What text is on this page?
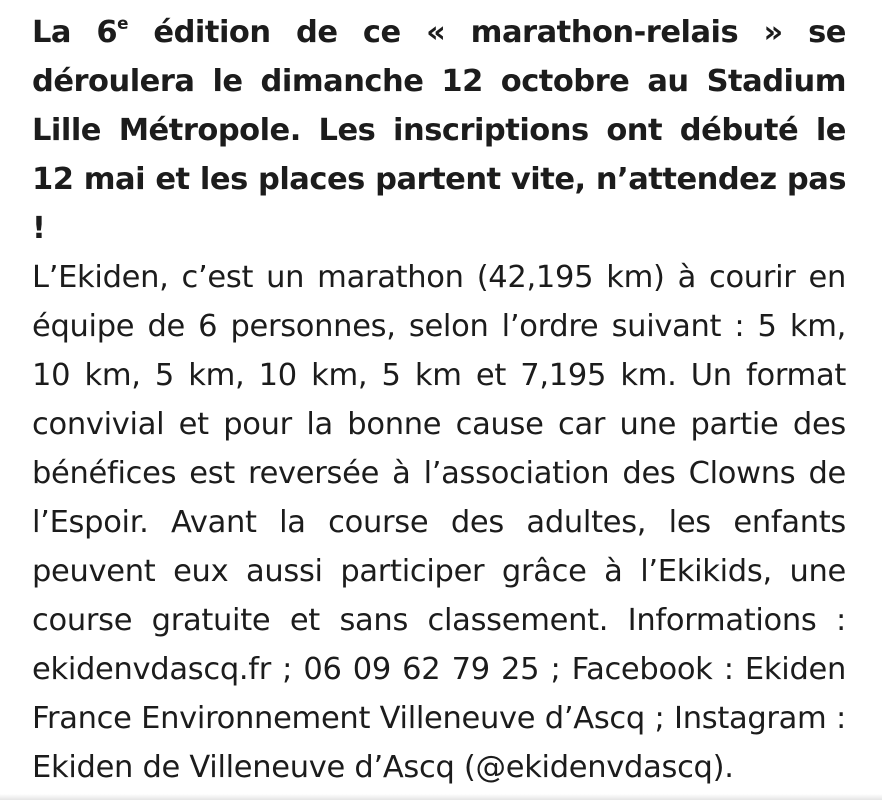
La 6e édition de ce « marathon-relais » se déroulera le dimanche 12 octobre au Stadium Lille Métropole. Les inscriptions ont débuté le 12 mai et les places partent vite, n’attendez pas !

L’Ekiden, c’est un marathon (42,195 km) à courir en équipe de 6 personnes, selon l’ordre suivant : 5 km, 10 km, 5 km, 10 km, 5 km et 7,195 km. Un format convivial et pour la bonne cause car une partie des bénéfices est reversée à l’association des Clowns de l’Espoir. Avant la course des adultes, les enfants peuvent eux aussi participer grâce à l’Ekikids, une course gratuite et sans classement. Informations : ekidenvdascq.fr ; 06 09 62 79 25 ; Facebook : Ekiden France Environnement Villeneuve d’Ascq ; Instagram : Ekiden de Villeneuve d’Ascq (@ekidenvdascq).
